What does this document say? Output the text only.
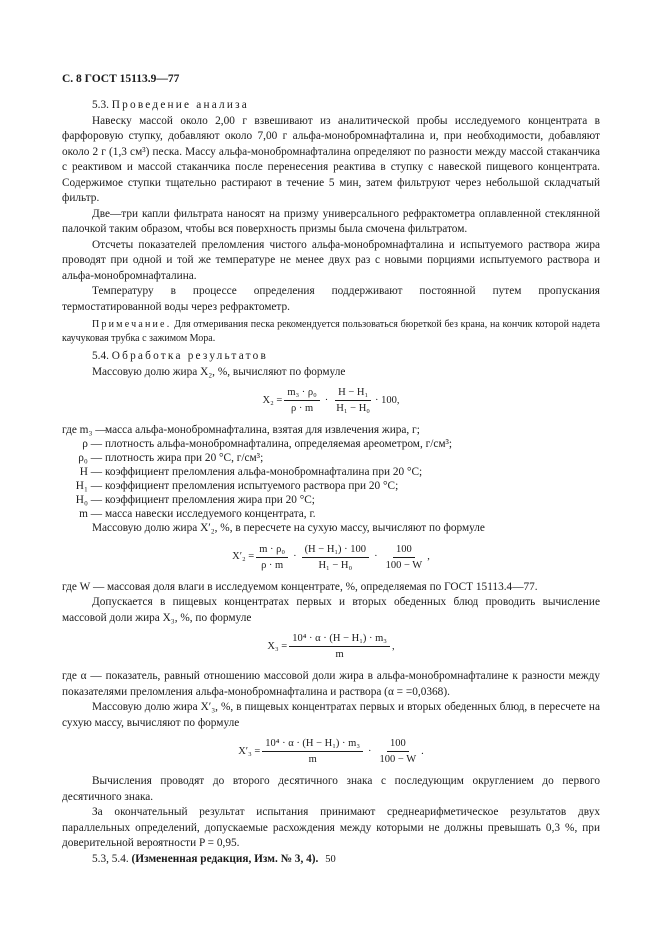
С. 8 ГОСТ 15113.9—77

5.3. Проведение анализа

Навеску массой около 2,00 г взвешивают из аналитической пробы исследуемого концентрата в фарфоровую ступку, добавляют около 7,00 г альфа-монобромнафталина и, при необходимости, добавляют около 2 г (1,3 см³) песка. Массу альфа-монобромнафталина определяют по разности между массой стаканчика с реактивом и массой стаканчика после перенесения реактива в ступку с навеской пищевого концентрата. Содержимое ступки тщательно растирают в течение 5 мин, затем фильтруют через небольшой складчатый фильтр.

Две—три капли фильтрата наносят на призму универсального рефрактометра оплавленной стеклянной палочкой таким образом, чтобы вся поверхность призмы была смочена фильтратом.

Отсчеты показателей преломления чистого альфа-монобромнафталина и испытуемого раствора жира проводят при одной и той же температуре не менее двух раз с новыми порциями испытуемого раствора и альфа-монобромнафталина.

Температуру в процессе определения поддерживают постоянной путем пропускания термостатированной воды через рефрактометр.

Примечание. Для отмеривания песка рекомендуется пользоваться бюреткой без крана, на кончик которой надета каучуковая трубка с зажимом Мора.

5.4. Обработка результатов

Массовую долю жира X₂, %, вычисляют по формуле

$X_2 = \frac{\text{m₃ · ρ₀}}{\rho \cdot m} \cdot \frac{\text{H − H₁}}{\text{H₁ − H₀}} \cdot 100$,
где m₃ —
масса альфа-монобромнафталина, взятая для извлечения жира, г;
ρ — плотность альфа-монобромнафталина, определяемая ареометром, г/см³;
ρ₀ — плотность жира при 20 °С, г/см³;
H — коэффициент преломления альфа-монобромнафталина при 20 °С;
H₁ — коэффициент преломления испытуемого раствора при 20 °С;
H₀ — коэффициент преломления жира при 20 °С;
m — масса навески исследуемого концентрата, г.

Массовую долю жира X′₂, %, в пересчете на сухую массу, вычисляют по формуле

$X'_2 = \frac{\text{m · ρ₀}}{\rho \cdot m} \cdot \frac{\text{(H − H₁) · 100}}{\text{H₁ − H₀}} \cdot \frac{100}{100 - W}$ ,

где W — массовая доля влаги в исследуемом концентрате, %, определяемая по ГОСТ 15113.4—77.

Допускается в пищевых концентратах первых и вторых обеденных блюд проводить вычисление массовой доли жира X₃, %, по формуле

$X_3 = \frac{\text{10⁴ · α · (H − H₁) · m₃}}{m}$ ,

где α — показатель, равный отношению массовой доли жира в альфа-монобромнафталине к разности между показателями преломления альфа-монобромнафталина и раствора (α = =0,0368).

Массовую долю жира X′₃, %, в пищевых концентратах первых и вторых обеденных блюд, в пересчете на сухую массу, вычисляют по формуле

$X'_3 = \frac{\text{10⁴ · α · (H − H₁) · m₃}}{m} \cdot \frac{100}{100 - W}$ .

Вычисления проводят до второго десятичного знака с последующим округлением до первого десятичного знака.

За окончательный результат испытания принимают среднеарифметическое результатов двух параллельных определений, допускаемые расхождения между которыми не должны превышать 0,3 %, при доверительной вероятности P = 0,95.

5.3, 5.4. (Измененная редакция, Изм. № 3, 4). 50
